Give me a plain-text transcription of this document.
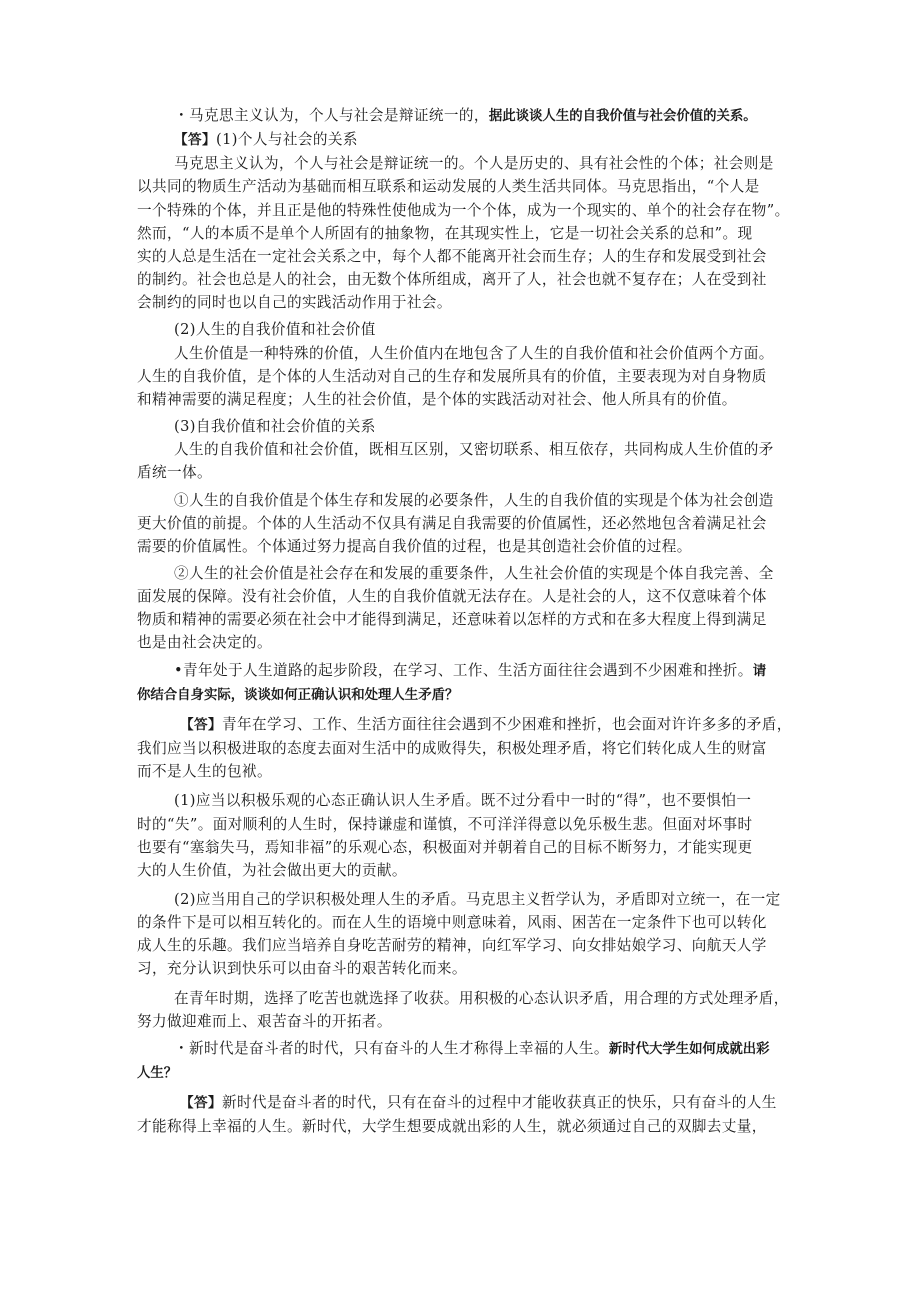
・马克思主义认为，个人与社会是辩证统一的，据此谈谈人生的自我价值与社会价值的关系。
【答】(1)个人与社会的关系
马克思主义认为，个人与社会是辩证统一的。个人是历史的、具有社会性的个体；社会则是
以共同的物质生产活动为基础而相互联系和运动发展的人类生活共同体。马克思指出，“个人是
一个特殊的个体，并且正是他的特殊性使他成为一个个体，成为一个现实的、单个的社会存在物”。
然而，“人的本质不是单个人所固有的抽象物，在其现实性上，它是一切社会关系的总和”。现
实的人总是生活在一定社会关系之中，每个人都不能离开社会而生存；人的生存和发展受到社会
的制约。社会也总是人的社会，由无数个体所组成，离开了人，社会也就不复存在；人在受到社
会制约的同时也以自己的实践活动作用于社会。
(2)人生的自我价值和社会价值
人生价值是一种特殊的价值，人生价值内在地包含了人生的自我价值和社会价值两个方面。
人生的自我价值，是个体的人生活动对自己的生存和发展所具有的价值，主要表现为对自身物质
和精神需要的满足程度；人生的社会价值，是个体的实践活动对社会、他人所具有的价值。
(3)自我价值和社会价值的关系
人生的自我价值和社会价值，既相互区别，又密切联系、相互依存，共同构成人生价值的矛
盾统一体。
①人生的自我价值是个体生存和发展的必要条件，人生的自我价值的实现是个体为社会创造
更大价值的前提。个体的人生活动不仅具有满足自我需要的价值属性，还必然地包含着满足社会
需要的价值属性。个体通过努力提高自我价值的过程，也是其创造社会价值的过程。
②人生的社会价值是社会存在和发展的重要条件，人生社会价值的实现是个体自我完善、全
面发展的保障。没有社会价值，人生的自我价值就无法存在。人是社会的人，这不仅意味着个体
物质和精神的需要必须在社会中才能得到满足，还意味着以怎样的方式和在多大程度上得到满足
也是由社会决定的。
•青年处于人生道路的起步阶段，在学习、工作、生活方面往往会遇到不少困难和挫折。请
你结合自身实际，谈谈如何正确认识和处理人生矛盾？
【答】青年在学习、工作、生活方面往往会遇到不少困难和挫折，也会面对许许多多的矛盾，
我们应当以积极进取的态度去面对生活中的成败得失，积极处理矛盾，将它们转化成人生的财富
而不是人生的包袱。
(1)应当以积极乐观的心态正确认识人生矛盾。既不过分看中一时的“得”，也不要惧怕一
时的“失”。面对顺利的人生时，保持谦虚和谨慎，不可洋洋得意以免乐极生悲。但面对坏事时
也要有“塞翁失马，焉知非福”的乐观心态，积极面对并朝着自己的目标不断努力，才能实现更
大的人生价值，为社会做出更大的贡献。
(2)应当用自己的学识积极处理人生的矛盾。马克思主义哲学认为，矛盾即对立统一，在一定
的条件下是可以相互转化的。而在人生的语境中则意味着，风雨、困苦在一定条件下也可以转化
成人生的乐趣。我们应当培养自身吃苦耐劳的精神，向红军学习、向女排姑娘学习、向航天人学
习，充分认识到快乐可以由奋斗的艰苦转化而来。
在青年时期，选择了吃苦也就选择了收获。用积极的心态认识矛盾，用合理的方式处理矛盾，
努力做迎难而上、艰苦奋斗的开拓者。
・新时代是奋斗者的时代，只有奋斗的人生才称得上幸福的人生。新时代大学生如何成就出彩
人生？
【答】新时代是奋斗者的时代，只有在奋斗的过程中才能收获真正的快乐，只有奋斗的人生
才能称得上幸福的人生。新时代，大学生想要成就出彩的人生，就必须通过自己的双脚去丈量，
